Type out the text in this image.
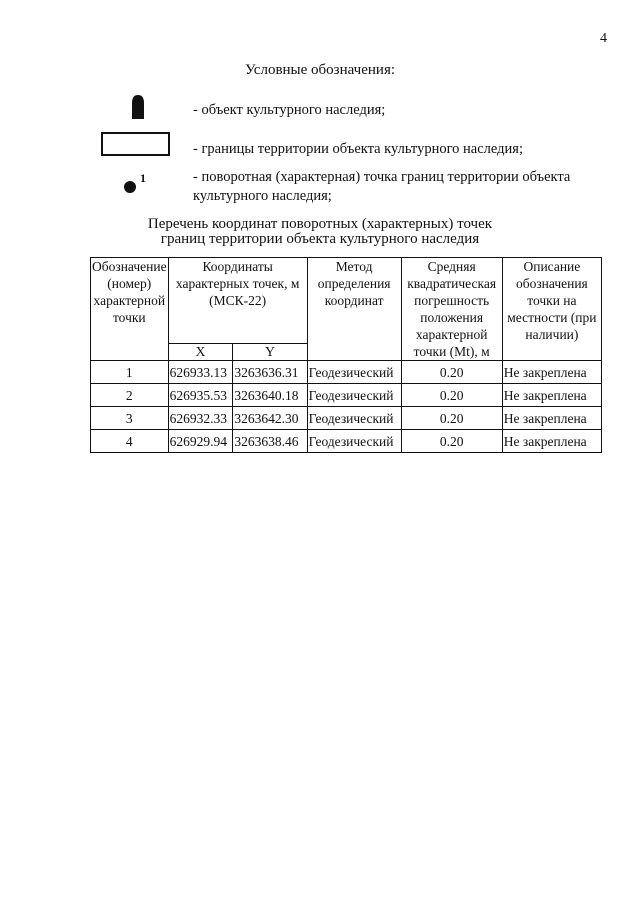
4
Условные обозначения:
1
- объект культурного наследия;
- границы территории объекта культурного наследия;
- поворотная (характерная) точка границ территории объекта культурного наследия;
Перечень координат поворотных (характерных) точек
границ территории объекта культурного наследия
Обозначение (номер) характерной точки	Координаты характерных точек, м (МСК-22)		Метод определения координат	Средняя квадратическая погрешность положения характерной точки (Mt), м	Описание обозначения точки на местности (при наличии)
	X	Y			
1	626933.13	3263636.31	Геодезический	0.20	Не закреплена
2	626935.53	3263640.18	Геодезический	0.20	Не закреплена
3	626932.33	3263642.30	Геодезический	0.20	Не закреплена
4	626929.94	3263638.46	Геодезический	0.20	Не закреплена
